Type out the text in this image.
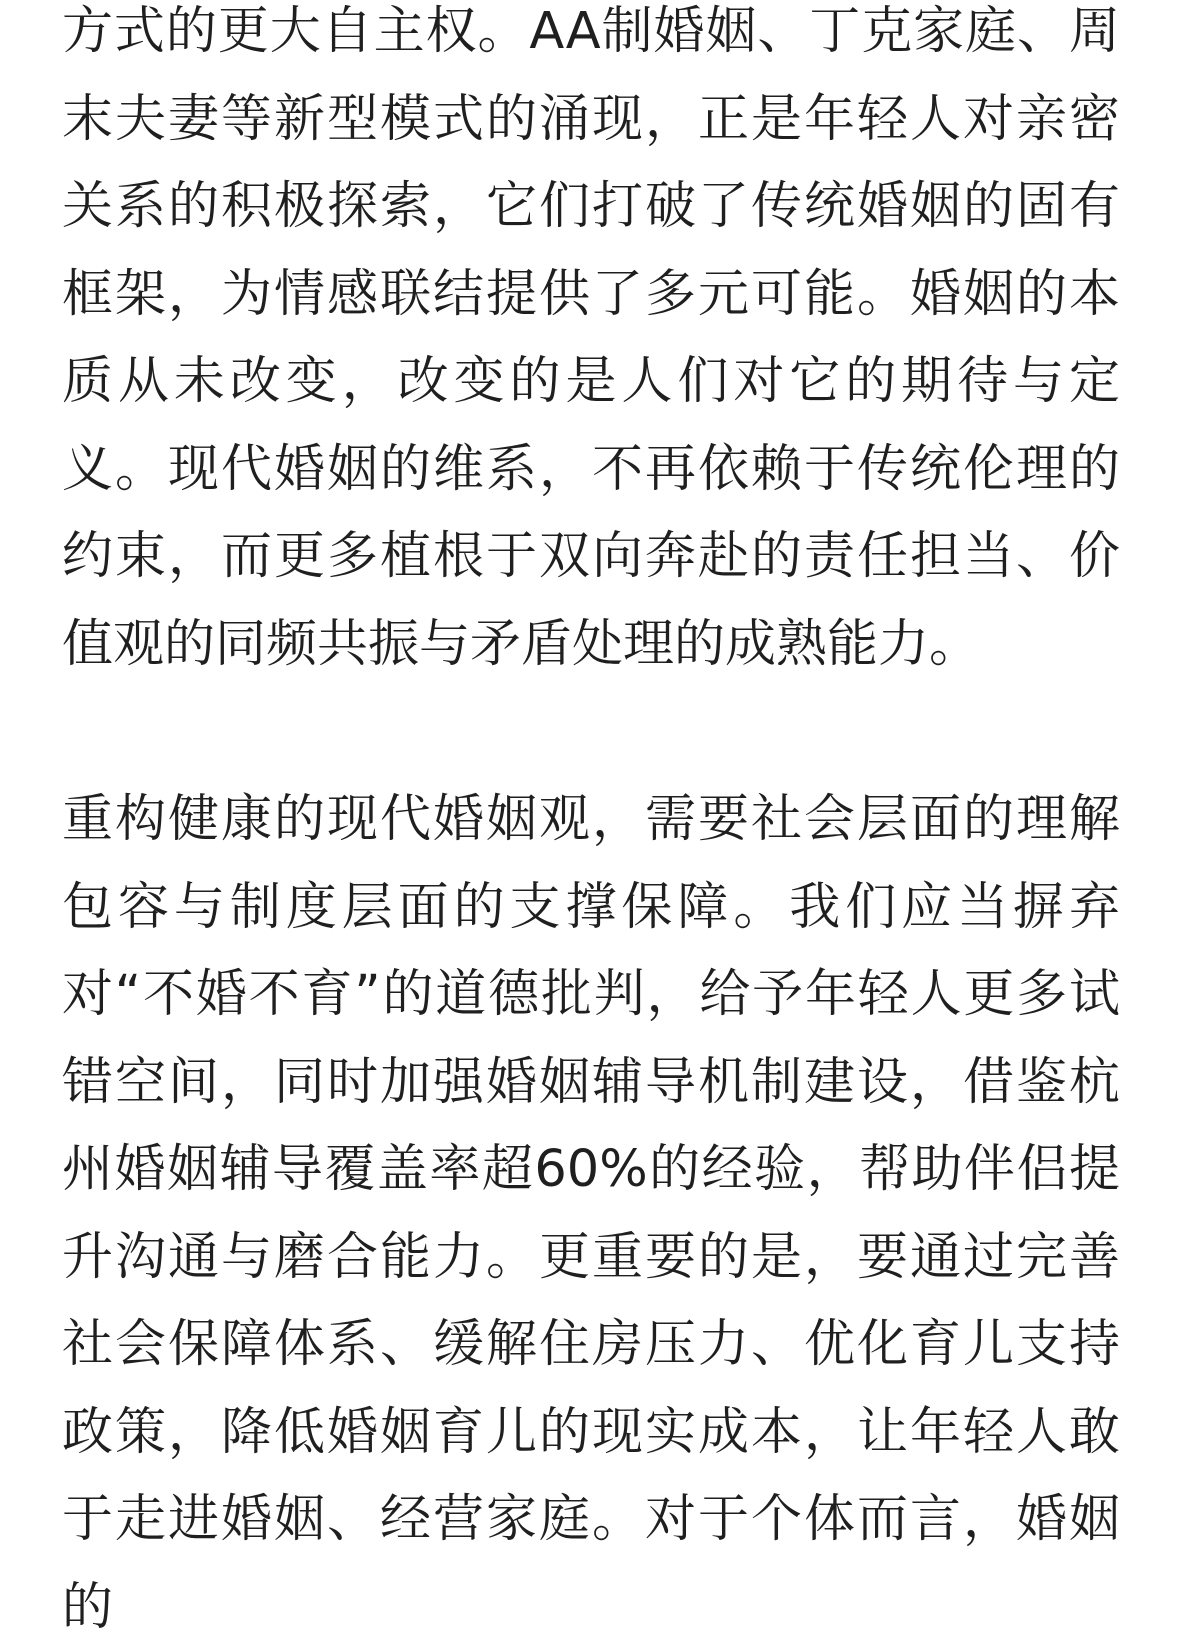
方式的更大自主权。AA制婚姻、丁克家庭、周末夫妻等新型模式的涌现，正是年轻人对亲密关系的积极探索，它们打破了传统婚姻的固有框架，为情感联结提供了多元可能。婚姻的本质从未改变，改变的是人们对它的期待与定义。现代婚姻的维系，不再依赖于传统伦理的约束，而更多植根于双向奔赴的责任担当、价值观的同频共振与矛盾处理的成熟能力。

重构健康的现代婚姻观，需要社会层面的理解包容与制度层面的支撑保障。我们应当摒弃对“不婚不育”的道德批判，给予年轻人更多试错空间，同时加强婚姻辅导机制建设，借鉴杭州婚姻辅导覆盖率超60%的经验，帮助伴侣提升沟通与磨合能力。更重要的是，要通过完善社会保障体系、缓解住房压力、优化育儿支持政策，降低婚姻育儿的现实成本，让年轻人敢于走进婚姻、经营家庭。对于个体而言，婚姻的
